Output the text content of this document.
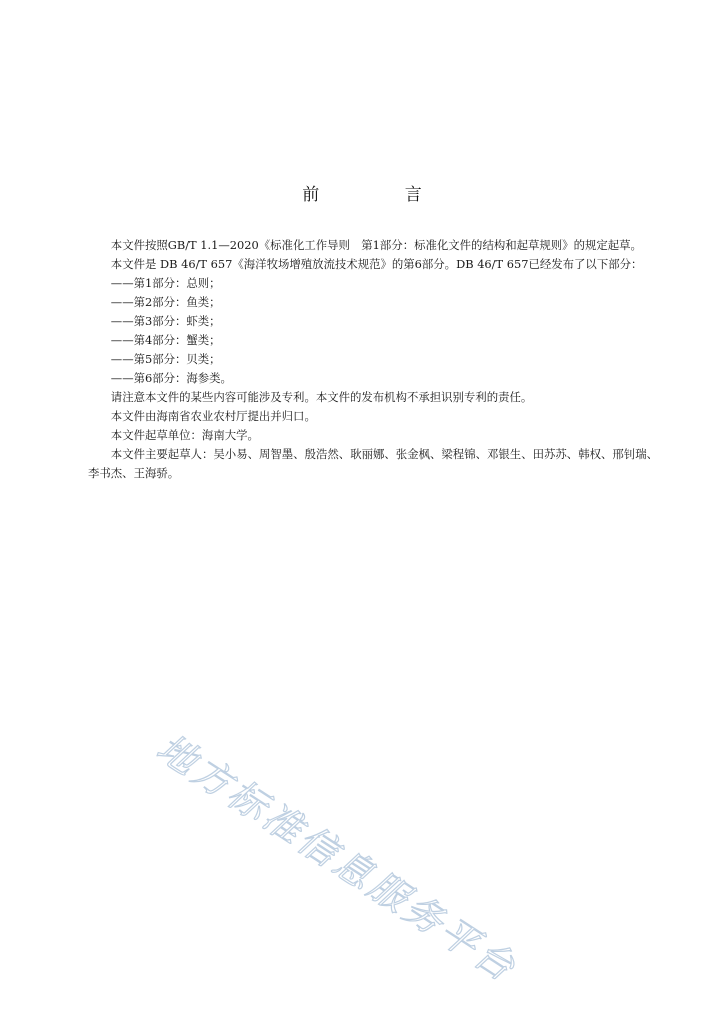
前 言

本文件按照GB/T 1.1—2020《标准化工作导则　第1部分：标准化文件的结构和起草规则》的规定起草。

本文件是 DB 46/T 657《海洋牧场增殖放流技术规范》的第6部分。DB 46/T 657已经发布了以下部分：

——第1部分：总则；

——第2部分：鱼类；

——第3部分：虾类；

——第4部分：蟹类；

——第5部分：贝类；

——第6部分：海参类。

请注意本文件的某些内容可能涉及专利。本文件的发布机构不承担识别专利的责任。

本文件由海南省农业农村厅提出并归口。

本文件起草单位：海南大学。

本文件主要起草人：吴小易、周智墨、殷浩然、耿丽娜、张金枫、梁程锦、邓银生、田苏苏、韩权、邢钊瑞、李书杰、王海骄。

地方标准信息服务平台
